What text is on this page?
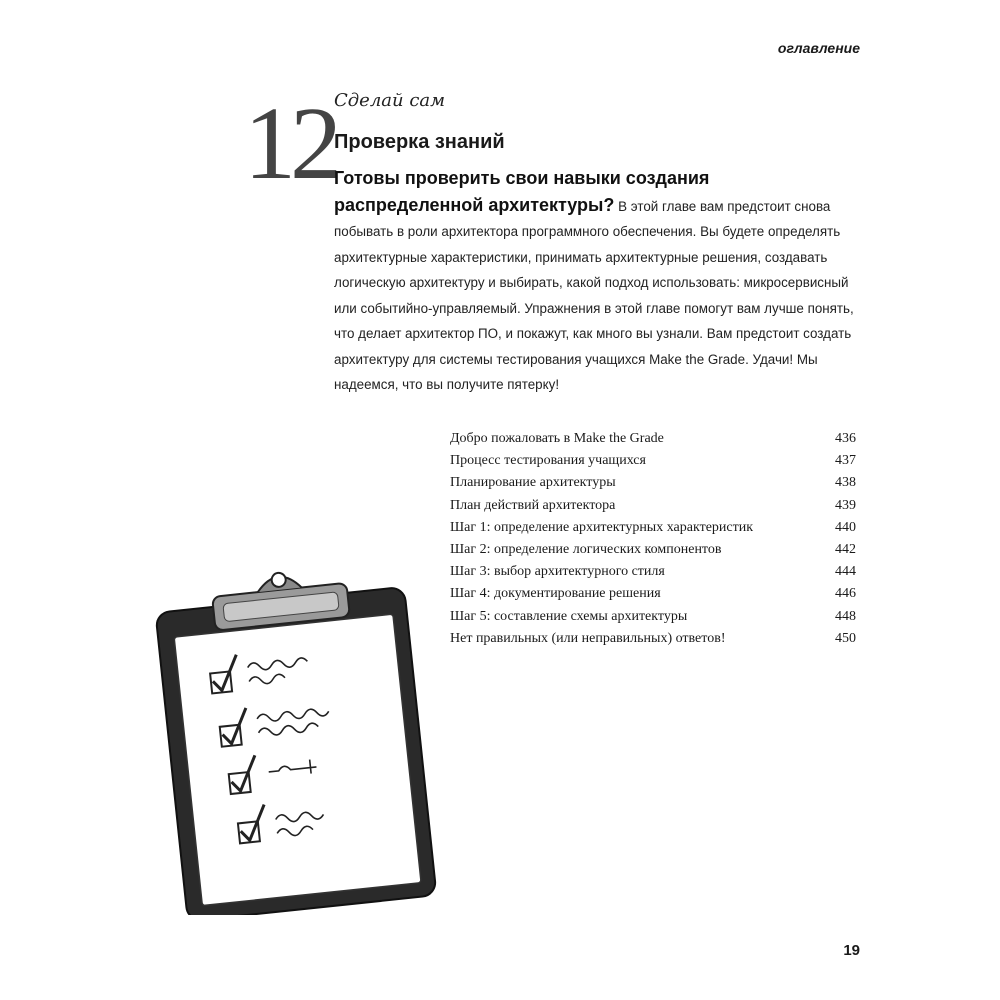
оглавление
12
Сделай сам
Проверка знаний
Готовы проверить свои навыки создания распределенной архитектуры? В этой главе вам предстоит снова побывать в роли архитектора программного обеспечения. Вы будете определять архитектурные характеристики, принимать архитектурные решения, создавать логическую архитектуру и выбирать, какой подход использовать: микросервисный или событийно-управляемый. Упражнения в этой главе помогут вам лучше понять, что делает архитектор ПО, и покажут, как много вы узнали. Вам предстоит создать архитектуру для системы тестирования учащихся Make the Grade. Удачи! Мы надеемся, что вы получите пятерку!
Добро пожаловать в Make the Grade	436
Процесс тестирования учащихся	437
Планирование архитектуры	438
План действий архитектора	439
Шаг 1: определение архитектурных характеристик	440
Шаг 2: определение логических компонентов	442
Шаг 3: выбор архитектурного стиля	444
Шаг 4: документирование решения	446
Шаг 5: составление схемы архитектуры	448
Нет правильных (или неправильных) ответов!	450
19
